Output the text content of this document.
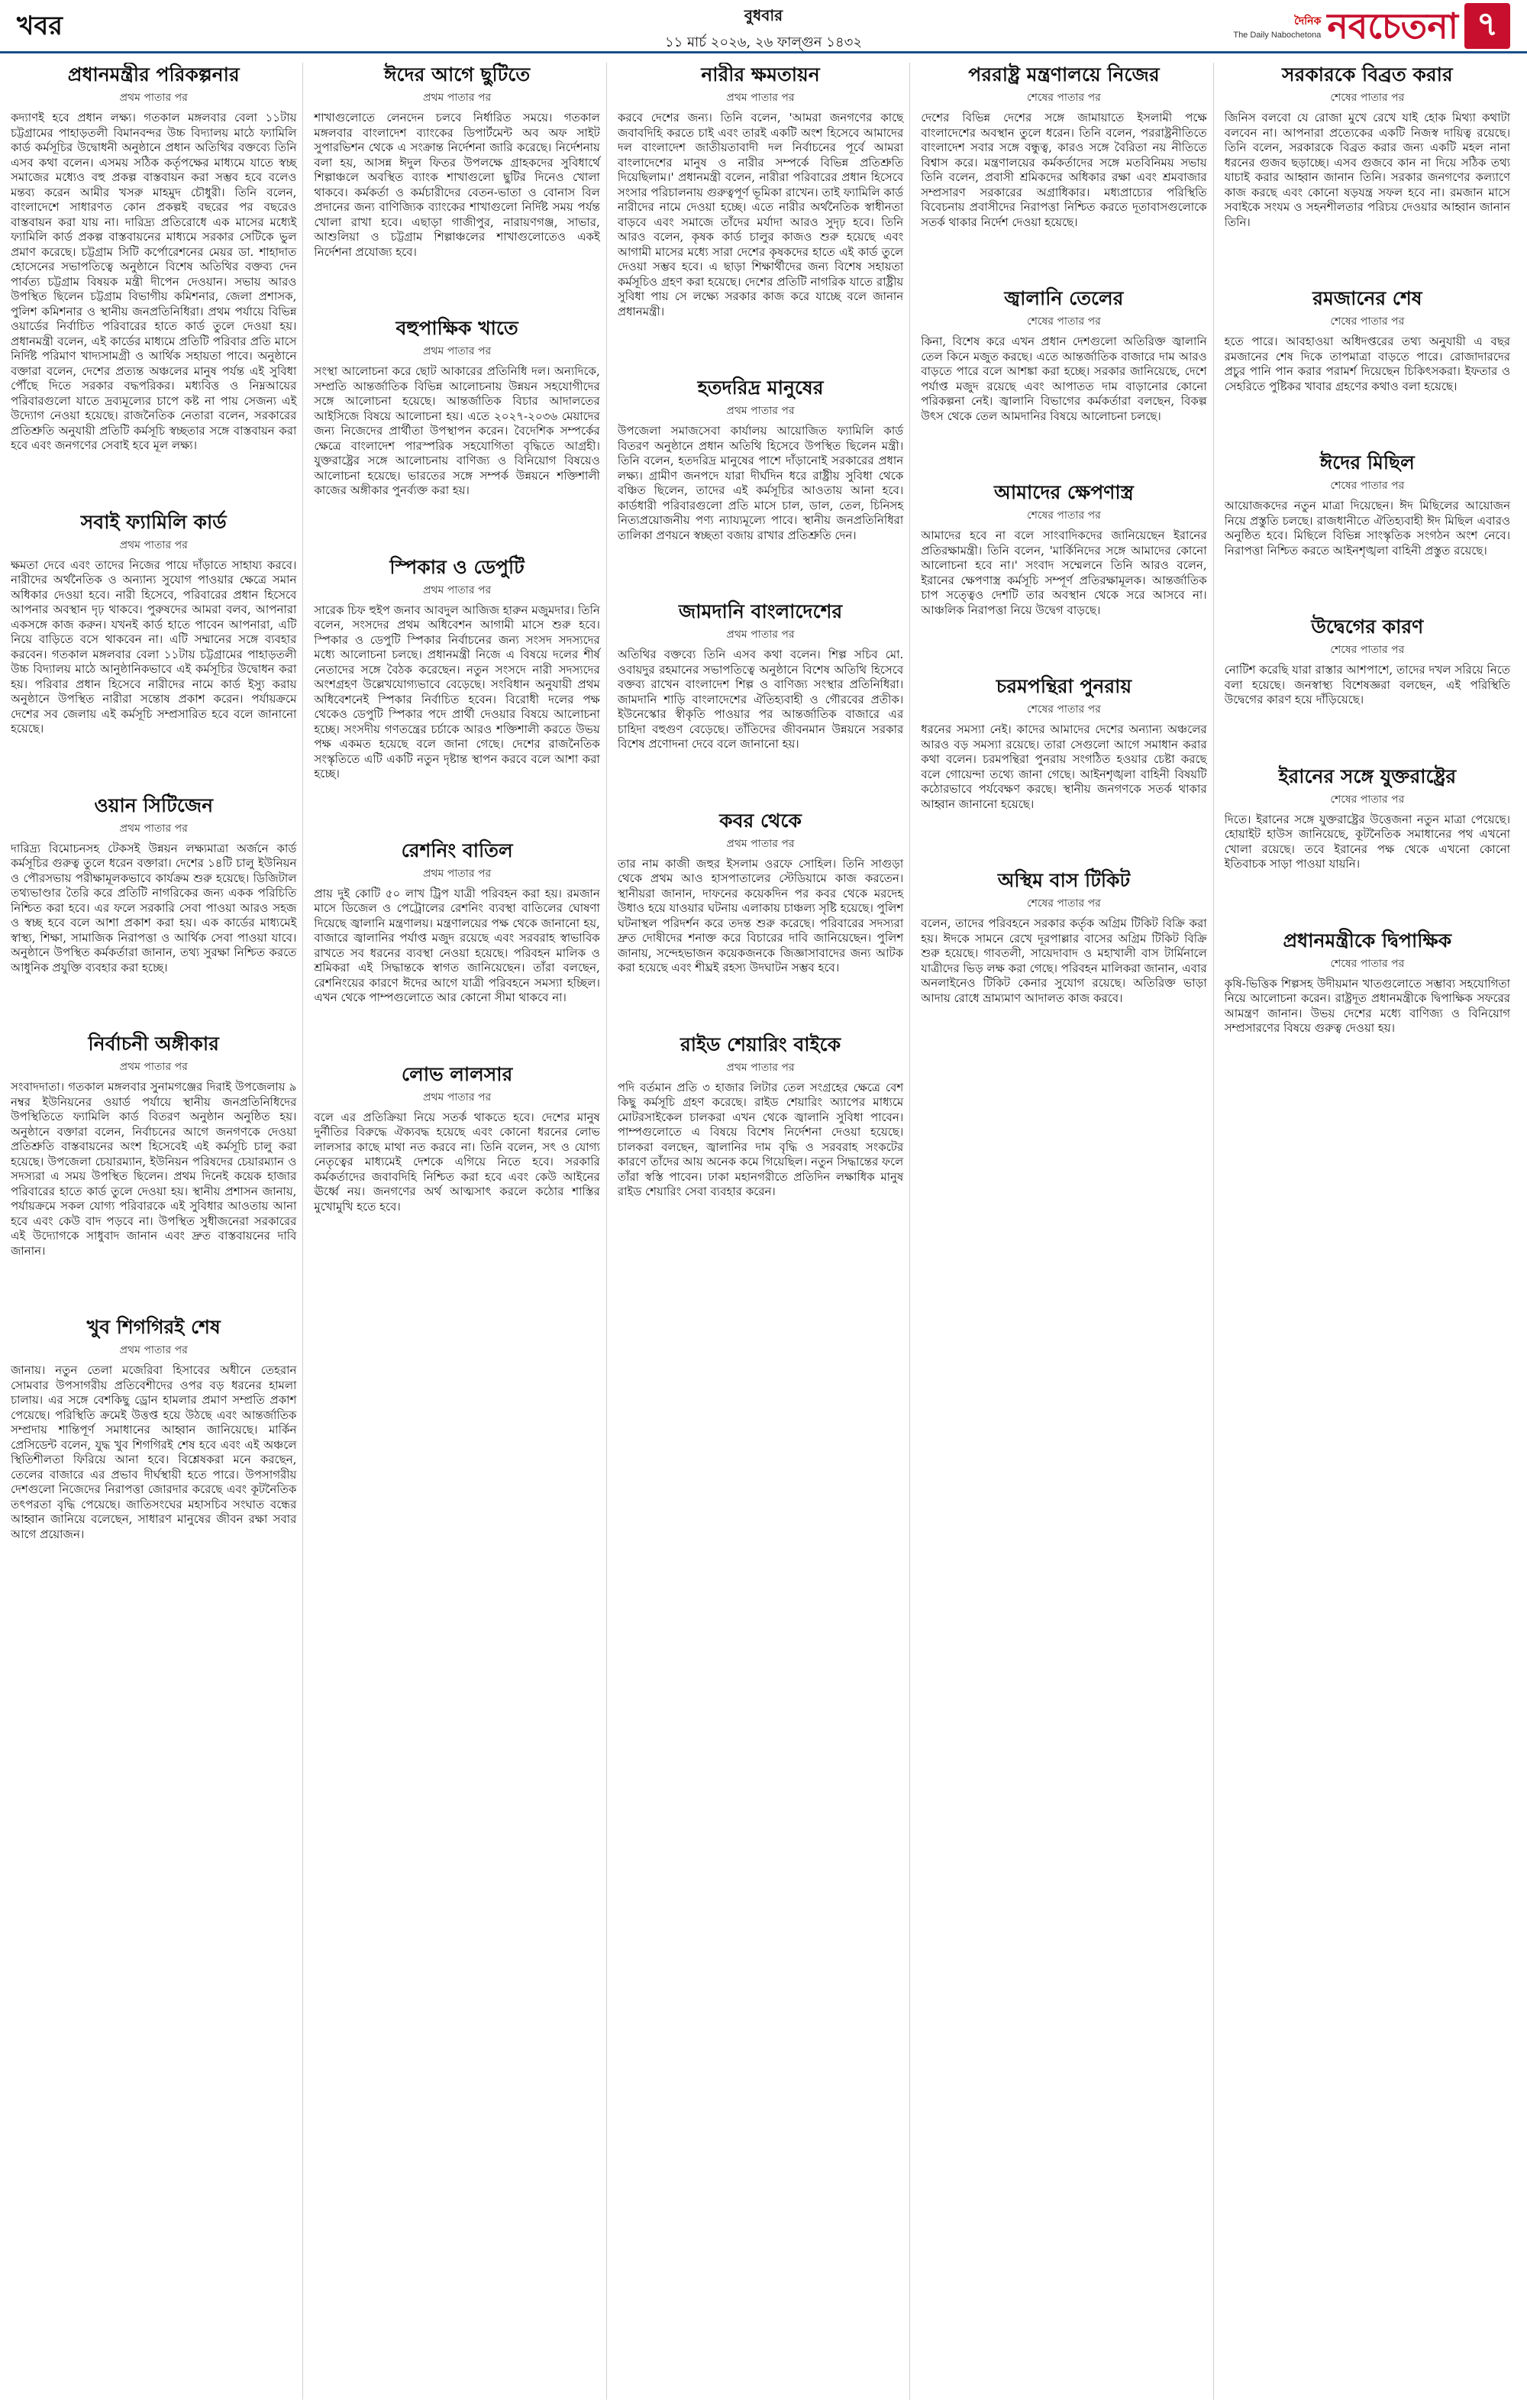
খবর	বুধবার
১১ মার্চ ২০২৬, ২৬ ফাল্গুন ১৪৩২
দৈনিক
The Daily Nabochetona নবচেতনা ৭
প্রধানমন্ত্রীর পরিকল্পনার
প্রথম পাতার পর
কদ্যাণই হবে প্রধান লক্ষ্য। গতকাল মঙ্গলবার বেলা ১১টায় চট্টগ্রামের পাহাড়তলী বিমানবন্দর উচ্চ বিদ্যালয় মাঠে ফ্যামিলি কার্ড কর্মসূচির উদ্বোধনী অনুষ্ঠানে প্রধান অতিথির বক্তব্যে তিনি এসব কথা বলেন। এসময় সঠিক কর্তৃপক্ষের মাধ্যমে যাতে স্বচ্ছ সমাজের মধ্যেও বহু প্রকল্প বাস্তবায়ন করা সম্ভব হবে বলেও মন্তব্য করেন আমীর খসরু মাহমুদ চৌধুরী। তিনি বলেন, বাংলাদেশে সাধারণত কোন প্রকল্পই বছরের পর বছরেও বাস্তবায়ন করা যায় না। দারিদ্র্য প্রতিরোধে এক মাসের মধ্যেই ফ্যামিলি কার্ড প্রকল্প বাস্তবায়নের মাধ্যমে সরকার সেটিকে ভুল প্রমাণ করেছে। চট্টগ্রাম সিটি কর্পোরেশনের মেয়র ডা. শাহাদাত হোসেনের সভাপতিত্বে অনুষ্ঠানে বিশেষ অতিথির বক্তব্য দেন পার্বত্য চট্টগ্রাম বিষয়ক মন্ত্রী দীপেন দেওয়ান। সভায় আরও উপস্থিত ছিলেন চট্টগ্রাম বিভাগীয় কমিশনার, জেলা প্রশাসক, পুলিশ কমিশনার ও স্থানীয় জনপ্রতিনিধিরা। প্রথম পর্যায়ে বিভিন্ন ওয়ার্ডের নির্বাচিত পরিবারের হাতে কার্ড তুলে দেওয়া হয়। প্রধানমন্ত্রী বলেন, এই কার্ডের মাধ্যমে প্রতিটি পরিবার প্রতি মাসে নির্দিষ্ট পরিমাণ খাদ্যসামগ্রী ও আর্থিক সহায়তা পাবে। অনুষ্ঠানে বক্তারা বলেন, দেশের প্রত্যন্ত অঞ্চলের মানুষ পর্যন্ত এই সুবিধা পৌঁছে দিতে সরকার বদ্ধপরিকর। মধ্যবিত্ত ও নিম্নআয়ের পরিবারগুলো যাতে দ্রব্যমূল্যের চাপে কষ্ট না পায় সেজন্য এই উদ্যোগ নেওয়া হয়েছে। রাজনৈতিক নেতারা বলেন, সরকারের প্রতিশ্রুতি অনুযায়ী প্রতিটি কর্মসূচি স্বচ্ছতার সঙ্গে বাস্তবায়ন করা হবে এবং জনগণের সেবাই হবে মূল লক্ষ্য।
সবাই ফ্যামিলি কার্ড
প্রথম পাতার পর
ক্ষমতা দেবে এবং তাদের নিজের পায়ে দাঁড়াতে সাহায্য করবে। নারীদের অর্থনৈতিক ও অন্যান্য সুযোগ পাওয়ার ক্ষেত্রে সমান অধিকার দেওয়া হবে। নারী হিসেবে, পরিবারের প্রধান হিসেবে আপনার অবস্থান দৃঢ় থাকবে। পুরুষদের আমরা বলব, আপনারা একসঙ্গে কাজ করুন। যখনই কার্ড হাতে পাবেন আপনারা, এটি নিয়ে বাড়িতে বসে থাকবেন না। এটি সম্মানের সঙ্গে ব্যবহার করবেন। গতকাল মঙ্গলবার বেলা ১১টায় চট্টগ্রামের পাহাড়তলী উচ্চ বিদ্যালয় মাঠে আনুষ্ঠানিকভাবে এই কর্মসূচির উদ্বোধন করা হয়। পরিবার প্রধান হিসেবে নারীদের নামে কার্ড ইস্যু করায় অনুষ্ঠানে উপস্থিত নারীরা সন্তোষ প্রকাশ করেন। পর্যায়ক্রমে দেশের সব জেলায় এই কর্মসূচি সম্প্রসারিত হবে বলে জানানো হয়েছে।
ওয়ান সিটিজেন
প্রথম পাতার পর
দারিদ্র্য বিমোচনসহ টেকসই উন্নয়ন লক্ষ্যমাত্রা অর্জনে কার্ড কর্মসূচির গুরুত্ব তুলে ধরেন বক্তারা। দেশের ১৪টি চালু ইউনিয়ন ও পৌরসভায় পরীক্ষামূলকভাবে কার্যক্রম শুরু হয়েছে। ডিজিটাল তথ্যভাণ্ডার তৈরি করে প্রতিটি নাগরিকের জন্য একক পরিচিতি নিশ্চিত করা হবে। এর ফলে সরকারি সেবা পাওয়া আরও সহজ ও স্বচ্ছ হবে বলে আশা প্রকাশ করা হয়। এক কার্ডের মাধ্যমেই স্বাস্থ্য, শিক্ষা, সামাজিক নিরাপত্তা ও আর্থিক সেবা পাওয়া যাবে। অনুষ্ঠানে উপস্থিত কর্মকর্তারা জানান, তথ্য সুরক্ষা নিশ্চিত করতে আধুনিক প্রযুক্তি ব্যবহার করা হচ্ছে।
নির্বাচনী অঙ্গীকার
প্রথম পাতার পর
সংবাদদাতা। গতকাল মঙ্গলবার সুনামগঞ্জের দিরাই উপজেলায় ৯ নম্বর ইউনিয়নের ওয়ার্ড পর্যায়ে স্থানীয় জনপ্রতিনিধিদের উপস্থিতিতে ফ্যামিলি কার্ড বিতরণ অনুষ্ঠান অনুষ্ঠিত হয়। অনুষ্ঠানে বক্তারা বলেন, নির্বাচনের আগে জনগণকে দেওয়া প্রতিশ্রুতি বাস্তবায়নের অংশ হিসেবেই এই কর্মসূচি চালু করা হয়েছে। উপজেলা চেয়ারম্যান, ইউনিয়ন পরিষদের চেয়ারম্যান ও সদস্যরা এ সময় উপস্থিত ছিলেন। প্রথম দিনেই কয়েক হাজার পরিবারের হাতে কার্ড তুলে দেওয়া হয়। স্থানীয় প্রশাসন জানায়, পর্যায়ক্রমে সকল যোগ্য পরিবারকে এই সুবিধার আওতায় আনা হবে এবং কেউ বাদ পড়বে না। উপস্থিত সুধীজনেরা সরকারের এই উদ্যোগকে সাধুবাদ জানান এবং দ্রুত বাস্তবায়নের দাবি জানান।
খুব শিগগিরই শেষ
প্রথম পাতার পর
জানায়। নতুন তেলা মজেরিবা হিসাবের অধীনে তেহরান সোমবার উপসাগরীয় প্রতিবেশীদের ওপর বড় ধরনের হামলা চালায়। এর সঙ্গে বেশকিছু ড্রোন হামলার প্রমাণ সম্প্রতি প্রকাশ পেয়েছে। পরিস্থিতি ক্রমেই উত্তপ্ত হয়ে উঠছে এবং আন্তর্জাতিক সম্প্রদায় শান্তিপূর্ণ সমাধানের আহ্বান জানিয়েছে। মার্কিন প্রেসিডেন্ট বলেন, যুদ্ধ খুব শিগগিরই শেষ হবে এবং এই অঞ্চলে স্থিতিশীলতা ফিরিয়ে আনা হবে। বিশ্লেষকরা মনে করছেন, তেলের বাজারে এর প্রভাব দীর্ঘস্থায়ী হতে পারে। উপসাগরীয় দেশগুলো নিজেদের নিরাপত্তা জোরদার করেছে এবং কূটনৈতিক তৎপরতা বৃদ্ধি পেয়েছে। জাতিসংঘের মহাসচিব সংঘাত বন্ধের আহ্বান জানিয়ে বলেছেন, সাধারণ মানুষের জীবন রক্ষা সবার আগে প্রয়োজন।
ঈদের আগে ছুটিতে
প্রথম পাতার পর
শাখাগুলোতে লেনদেন চলবে নির্ধারিত সময়ে। গতকাল মঙ্গলবার বাংলাদেশ ব্যাংকের ডিপার্টমেন্ট অব অফ সাইট সুপারভিশন থেকে এ সংক্রান্ত নির্দেশনা জারি করেছে। নির্দেশনায় বলা হয়, আসন্ন ঈদুল ফিতর উপলক্ষে গ্রাহকদের সুবিধার্থে শিল্পাঞ্চলে অবস্থিত ব্যাংক শাখাগুলো ছুটির দিনেও খোলা থাকবে। কর্মকর্তা ও কর্মচারীদের বেতন-ভাতা ও বোনাস বিল প্রদানের জন্য বাণিজ্যিক ব্যাংকের শাখাগুলো নির্দিষ্ট সময় পর্যন্ত খোলা রাখা হবে। এছাড়া গাজীপুর, নারায়ণগঞ্জ, সাভার, আশুলিয়া ও চট্টগ্রাম শিল্পাঞ্চলের শাখাগুলোতেও একই নির্দেশনা প্রযোজ্য হবে।
বহুপাক্ষিক খাতে
প্রথম পাতার পর
সংস্থা আলোচনা করে ছোট আকারের প্রতিনিধি দল। অন্যদিকে, সম্প্রতি আন্তর্জাতিক বিভিন্ন আলোচনায় উন্নয়ন সহযোগীদের সঙ্গে আলোচনা হয়েছে। আন্তর্জাতিক বিচার আদালতের আইসিজে বিষয়ে আলোচনা হয়। এতে ২০২৭-২০৩৬ মেয়াদের জন্য নিজেদের প্রার্থীতা উপস্থাপন করেন। বৈদেশিক সম্পর্কের ক্ষেত্রে বাংলাদেশ পারস্পরিক সহযোগিতা বৃদ্ধিতে আগ্রহী। যুক্তরাষ্ট্রের সঙ্গে আলোচনায় বাণিজ্য ও বিনিয়োগ বিষয়েও আলোচনা হয়েছে। ভারতের সঙ্গে সম্পর্ক উন্নয়নে শক্তিশালী কাজের অঙ্গীকার পুনর্ব্যক্ত করা হয়।
স্পিকার ও ডেপুটি
প্রথম পাতার পর
সারেক চিফ হুইপ জনাব আবদুল আজিজ হারুন মজুমদার। তিনি বলেন, সংসদের প্রথম অধিবেশন আগামী মাসে শুরু হবে। স্পিকার ও ডেপুটি স্পিকার নির্বাচনের জন্য সংসদ সদস্যদের মধ্যে আলোচনা চলছে। প্রধানমন্ত্রী নিজে এ বিষয়ে দলের শীর্ষ নেতাদের সঙ্গে বৈঠক করেছেন। নতুন সংসদে নারী সদস্যদের অংশগ্রহণ উল্লেখযোগ্যভাবে বেড়েছে। সংবিধান অনুযায়ী প্রথম অধিবেশনেই স্পিকার নির্বাচিত হবেন। বিরোধী দলের পক্ষ থেকেও ডেপুটি স্পিকার পদে প্রার্থী দেওয়ার বিষয়ে আলোচনা হচ্ছে। সংসদীয় গণতন্ত্রের চর্চাকে আরও শক্তিশালী করতে উভয় পক্ষ একমত হয়েছে বলে জানা গেছে। দেশের রাজনৈতিক সংস্কৃতিতে এটি একটি নতুন দৃষ্টান্ত স্থাপন করবে বলে আশা করা হচ্ছে।
রেশনিং বাতিল
প্রথম পাতার পর
প্রায় দুই কোটি ৫০ লাখ ট্রিপ যাত্রী পরিবহন করা হয়। রমজান মাসে ডিজেল ও পেট্রোলের রেশনিং ব্যবস্থা বাতিলের ঘোষণা দিয়েছে জ্বালানি মন্ত্রণালয়। মন্ত্রণালয়ের পক্ষ থেকে জানানো হয়, বাজারে জ্বালানির পর্যাপ্ত মজুদ রয়েছে এবং সরবরাহ স্বাভাবিক রাখতে সব ধরনের ব্যবস্থা নেওয়া হয়েছে। পরিবহন মালিক ও শ্রমিকরা এই সিদ্ধান্তকে স্বাগত জানিয়েছেন। তাঁরা বলছেন, রেশনিংয়ের কারণে ঈদের আগে যাত্রী পরিবহনে সমস্যা হচ্ছিল। এখন থেকে পাম্পগুলোতে আর কোনো সীমা থাকবে না।
লোভ লালসার
প্রথম পাতার পর
বলে এর প্রতিক্রিয়া নিয়ে সতর্ক থাকতে হবে। দেশের মানুষ দুর্নীতির বিরুদ্ধে ঐক্যবদ্ধ হয়েছে এবং কোনো ধরনের লোভ লালসার কাছে মাথা নত করবে না। তিনি বলেন, সৎ ও যোগ্য নেতৃত্বের মাধ্যমেই দেশকে এগিয়ে নিতে হবে। সরকারি কর্মকর্তাদের জবাবদিহি নিশ্চিত করা হবে এবং কেউ আইনের ঊর্ধ্বে নয়। জনগণের অর্থ আত্মসাৎ করলে কঠোর শাস্তির মুখোমুখি হতে হবে।
নারীর ক্ষমতায়ন
প্রথম পাতার পর
করবে দেশের জন্য। তিনি বলেন, 'আমরা জনগণের কাছে জবাবদিহি করতে চাই এবং তারই একটি অংশ হিসেবে আমাদের দল বাংলাদেশ জাতীয়তাবাদী দল নির্বাচনের পূর্বে আমরা বাংলাদেশের মানুষ ও নারীর সম্পর্কে বিভিন্ন প্রতিশ্রুতি দিয়েছিলাম।' প্রধানমন্ত্রী বলেন, নারীরা পরিবারের প্রধান হিসেবে সংসার পরিচালনায় গুরুত্বপূর্ণ ভূমিকা রাখেন। তাই ফ্যামিলি কার্ড নারীদের নামে দেওয়া হচ্ছে। এতে নারীর অর্থনৈতিক স্বাধীনতা বাড়বে এবং সমাজে তাঁদের মর্যাদা আরও সুদৃঢ় হবে। তিনি আরও বলেন, কৃষক কার্ড চালুর কাজও শুরু হয়েছে এবং আগামী মাসের মধ্যে সারা দেশের কৃষকদের হাতে এই কার্ড তুলে দেওয়া সম্ভব হবে। এ ছাড়া শিক্ষার্থীদের জন্য বিশেষ সহায়তা কর্মসূচিও গ্রহণ করা হয়েছে। দেশের প্রতিটি নাগরিক যাতে রাষ্ট্রীয় সুবিধা পায় সে লক্ষ্যে সরকার কাজ করে যাচ্ছে বলে জানান প্রধানমন্ত্রী।
হতদরিদ্র মানুষের
প্রথম পাতার পর
উপজেলা সমাজসেবা কার্যালয় আয়োজিত ফ্যামিলি কার্ড বিতরণ অনুষ্ঠানে প্রধান অতিথি হিসেবে উপস্থিত ছিলেন মন্ত্রী। তিনি বলেন, হতদরিদ্র মানুষের পাশে দাঁড়ানোই সরকারের প্রধান লক্ষ্য। গ্রামীণ জনপদে যারা দীর্ঘদিন ধরে রাষ্ট্রীয় সুবিধা থেকে বঞ্চিত ছিলেন, তাদের এই কর্মসূচির আওতায় আনা হবে। কার্ডধারী পরিবারগুলো প্রতি মাসে চাল, ডাল, তেল, চিনিসহ নিত্যপ্রয়োজনীয় পণ্য ন্যায্যমূল্যে পাবে। স্থানীয় জনপ্রতিনিধিরা তালিকা প্রণয়নে স্বচ্ছতা বজায় রাখার প্রতিশ্রুতি দেন।
জামদানি বাংলাদেশের
প্রথম পাতার পর
অতিথির বক্তব্যে তিনি এসব কথা বলেন। শিল্প সচিব মো. ওবায়দুর রহমানের সভাপতিত্বে অনুষ্ঠানে বিশেষ অতিথি হিসেবে বক্তব্য রাখেন বাংলাদেশ শিল্প ও বাণিজ্য সংস্থার প্রতিনিধিরা। জামদানি শাড়ি বাংলাদেশের ঐতিহ্যবাহী ও গৌরবের প্রতীক। ইউনেস্কোর স্বীকৃতি পাওয়ার পর আন্তর্জাতিক বাজারে এর চাহিদা বহুগুণ বেড়েছে। তাঁতিদের জীবনমান উন্নয়নে সরকার বিশেষ প্রণোদনা দেবে বলে জানানো হয়।
কবর থেকে
প্রথম পাতার পর
তার নাম কাজী জহুর ইসলাম ওরফে সোহিল। তিনি সাগুড়া থেকে প্রথম আও হাসপাতালের স্টেডিয়ামে কাজ করতেন। স্থানীয়রা জানান, দাফনের কয়েকদিন পর কবর থেকে মরদেহ উধাও হয়ে যাওয়ার ঘটনায় এলাকায় চাঞ্চল্য সৃষ্টি হয়েছে। পুলিশ ঘটনাস্থল পরিদর্শন করে তদন্ত শুরু করেছে। পরিবারের সদস্যরা দ্রুত দোষীদের শনাক্ত করে বিচারের দাবি জানিয়েছেন। পুলিশ জানায়, সন্দেহভাজন কয়েকজনকে জিজ্ঞাসাবাদের জন্য আটক করা হয়েছে এবং শীঘ্রই রহস্য উদঘাটন সম্ভব হবে।
রাইড শেয়ারিং বাইকে
প্রথম পাতার পর
পদি বর্তমান প্রতি ৩ হাজার লিটার তেল সংগ্রহের ক্ষেত্রে বেশ কিছু কর্মসূচি গ্রহণ করেছে। রাইড শেয়ারিং অ্যাপের মাধ্যমে মোটরসাইকেল চালকরা এখন থেকে জ্বালানি সুবিধা পাবেন। পাম্পগুলোতে এ বিষয়ে বিশেষ নির্দেশনা দেওয়া হয়েছে। চালকরা বলছেন, জ্বালানির দাম বৃদ্ধি ও সরবরাহ সংকটের কারণে তাঁদের আয় অনেক কমে গিয়েছিল। নতুন সিদ্ধান্তের ফলে তাঁরা স্বস্তি পাবেন। ঢাকা মহানগরীতে প্রতিদিন লক্ষাধিক মানুষ রাইড শেয়ারিং সেবা ব্যবহার করেন।
পররাষ্ট্র মন্ত্রণালয়ে নিজের
শেষের পাতার পর
দেশের বিভিন্ন দেশের সঙ্গে জামায়াতে ইসলামী পক্ষে বাংলাদেশের অবস্থান তুলে ধরেন। তিনি বলেন, পররাষ্ট্রনীতিতে বাংলাদেশ সবার সঙ্গে বন্ধুত্ব, কারও সঙ্গে বৈরিতা নয় নীতিতে বিশ্বাস করে। মন্ত্রণালয়ের কর্মকর্তাদের সঙ্গে মতবিনিময় সভায় তিনি বলেন, প্রবাসী শ্রমিকদের অধিকার রক্ষা এবং শ্রমবাজার সম্প্রসারণ সরকারের অগ্রাধিকার। মধ্যপ্রাচ্যের পরিস্থিতি বিবেচনায় প্রবাসীদের নিরাপত্তা নিশ্চিত করতে দূতাবাসগুলোকে সতর্ক থাকার নির্দেশ দেওয়া হয়েছে।
জ্বালানি তেলের
শেষের পাতার পর
কিনা, বিশেষ করে এখন প্রধান দেশগুলো অতিরিক্ত জ্বালানি তেল কিনে মজুত করছে। এতে আন্তর্জাতিক বাজারে দাম আরও বাড়তে পারে বলে আশঙ্কা করা হচ্ছে। সরকার জানিয়েছে, দেশে পর্যাপ্ত মজুদ রয়েছে এবং আপাতত দাম বাড়ানোর কোনো পরিকল্পনা নেই। জ্বালানি বিভাগের কর্মকর্তারা বলছেন, বিকল্প উৎস থেকে তেল আমদানির বিষয়ে আলোচনা চলছে।
আমাদের ক্ষেপণাস্ত্র
শেষের পাতার পর
আমাদের হবে না বলে সাংবাদিকদের জানিয়েছেন ইরানের প্রতিরক্ষামন্ত্রী। তিনি বলেন, 'মার্কিনিদের সঙ্গে আমাদের কোনো আলোচনা হবে না।' সংবাদ সম্মেলনে তিনি আরও বলেন, ইরানের ক্ষেপণাস্ত্র কর্মসূচি সম্পূর্ণ প্রতিরক্ষামূলক। আন্তর্জাতিক চাপ সত্ত্বেও দেশটি তার অবস্থান থেকে সরে আসবে না। আঞ্চলিক নিরাপত্তা নিয়ে উদ্বেগ বাড়ছে।
চরমপন্থিরা পুনরায়
শেষের পাতার পর
ধরনের সমস্যা নেই। কাদের আমাদের দেশের অন্যান্য অঞ্চলের আরও বড় সমস্যা রয়েছে। তারা সেগুলো আগে সমাধান করার কথা বলেন। চরমপন্থিরা পুনরায় সংগঠিত হওয়ার চেষ্টা করছে বলে গোয়েন্দা তথ্যে জানা গেছে। আইনশৃঙ্খলা বাহিনী বিষয়টি কঠোরভাবে পর্যবেক্ষণ করছে। স্থানীয় জনগণকে সতর্ক থাকার আহ্বান জানানো হয়েছে।
অস্থিম বাস টিকিট
শেষের পাতার পর
বলেন, তাদের পরিবহনে সরকার কর্তৃক অগ্রিম টিকিট বিক্রি করা হয়। ঈদকে সামনে রেখে দূরপাল্লার বাসের অগ্রিম টিকিট বিক্রি শুরু হয়েছে। গাবতলী, সায়েদাবাদ ও মহাখালী বাস টার্মিনালে যাত্রীদের ভিড় লক্ষ করা গেছে। পরিবহন মালিকরা জানান, এবার অনলাইনেও টিকিট কেনার সুযোগ রয়েছে। অতিরিক্ত ভাড়া আদায় রোধে ভ্রাম্যমাণ আদালত কাজ করবে।
সরকারকে বিব্রত করার
শেষের পাতার পর
জিনিস বলবো যে রোজা মুখে রেখে যাই হোক মিথ্যা কথাটা বলবেন না। আপনারা প্রত্যেকের একটি নিজস্ব দায়িত্ব রয়েছে। তিনি বলেন, সরকারকে বিব্রত করার জন্য একটি মহল নানা ধরনের গুজব ছড়াচ্ছে। এসব গুজবে কান না দিয়ে সঠিক তথ্য যাচাই করার আহ্বান জানান তিনি। সরকার জনগণের কল্যাণে কাজ করছে এবং কোনো ষড়যন্ত্র সফল হবে না। রমজান মাসে সবাইকে সংযম ও সহনশীলতার পরিচয় দেওয়ার আহ্বান জানান তিনি।
রমজানের শেষ
শেষের পাতার পর
হতে পারে। আবহাওয়া অধিদপ্তরের তথ্য অনুযায়ী এ বছর রমজানের শেষ দিকে তাপমাত্রা বাড়তে পারে। রোজাদারদের প্রচুর পানি পান করার পরামর্শ দিয়েছেন চিকিৎসকরা। ইফতার ও সেহরিতে পুষ্টিকর খাবার গ্রহণের কথাও বলা হয়েছে।
ঈদের মিছিল
শেষের পাতার পর
আয়োজকদের নতুন মাত্রা দিয়েছেন। ঈদ মিছিলের আয়োজন নিয়ে প্রস্তুতি চলছে। রাজধানীতে ঐতিহ্যবাহী ঈদ মিছিল এবারও অনুষ্ঠিত হবে। মিছিলে বিভিন্ন সাংস্কৃতিক সংগঠন অংশ নেবে। নিরাপত্তা নিশ্চিত করতে আইনশৃঙ্খলা বাহিনী প্রস্তুত রয়েছে।
উদ্বেগের কারণ
শেষের পাতার পর
নোটিশ করেছি যারা রাস্তার আশপাশে, তাদের দখল সরিয়ে নিতে বলা হয়েছে। জনস্বাস্থ্য বিশেষজ্ঞরা বলছেন, এই পরিস্থিতি উদ্বেগের কারণ হয়ে দাঁড়িয়েছে।
ইরানের সঙ্গে যুক্তরাষ্ট্রের
শেষের পাতার পর
দিতে। ইরানের সঙ্গে যুক্তরাষ্ট্রের উত্তেজনা নতুন মাত্রা পেয়েছে। হোয়াইট হাউস জানিয়েছে, কূটনৈতিক সমাধানের পথ এখনো খোলা রয়েছে। তবে ইরানের পক্ষ থেকে এখনো কোনো ইতিবাচক সাড়া পাওয়া যায়নি।
প্রধানমন্ত্রীকে দ্বিপাক্ষিক
শেষের পাতার পর
কৃষি-ভিত্তিক শিল্পসহ উদীয়মান খাতগুলোতে সম্ভাব্য সহযোগিতা নিয়ে আলোচনা করেন। রাষ্ট্রদূত প্রধানমন্ত্রীকে দ্বিপাক্ষিক সফরের আমন্ত্রণ জানান। উভয় দেশের মধ্যে বাণিজ্য ও বিনিয়োগ সম্প্রসারণের বিষয়ে গুরুত্ব দেওয়া হয়।
